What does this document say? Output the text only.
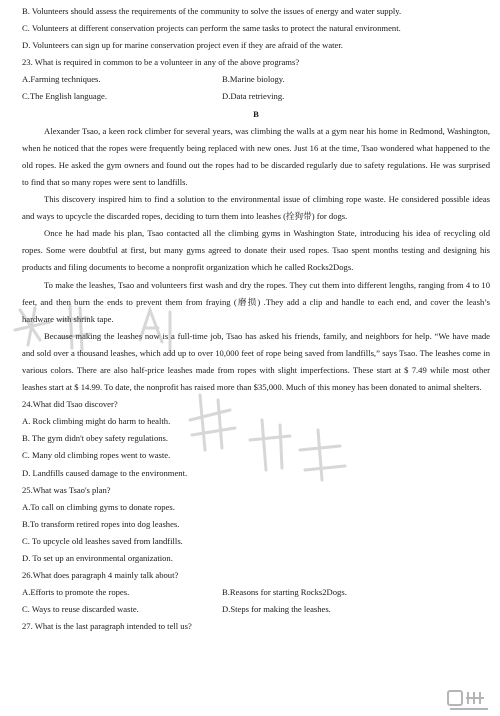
B. Volunteers should assess the requirements of the community to solve the issues of energy and water supply.
C. Volunteers at different conservation projects can perform the same tasks to protect the natural environment.
D. Volunteers can sign up for marine conservation project even if they are afraid of the water.
23. What is required in common to be a volunteer in any of the above programs?
A.Farming techniques.	B.Marine biology.
C.The English language.	D.Data retrieving.
B
Alexander Tsao, a keen rock climber for several years, was climbing the walls at a gym near his home in Redmond, Washington, when he noticed that the ropes were frequently being replaced with new ones. Just 16 at the time, Tsao wondered what happened to the old ropes. He asked the gym owners and found out the ropes had to be discarded regularly due to safety regulations. He was surprised to find that so many ropes were sent to landfills.
This discovery inspired him to find a solution to the environmental issue of climbing rope waste. He considered possible ideas and ways to upcycle the discarded ropes, deciding to turn them into leashes (拴狗带) for dogs.
Once he had made his plan, Tsao contacted all the climbing gyms in Washington State, introducing his idea of recycling old ropes. Some were doubtful at first, but many gyms agreed to donate their used ropes. Tsao spent months testing and designing his products and filing documents to become a nonprofit organization which he called Rocks2Dogs.
To make the leashes, Tsao and volunteers first wash and dry the ropes. They cut them into different lengths, ranging from 4 to 10 feet, and then burn the ends to prevent them from fraying (磨损) .They add a clip and handle to each end, and cover the leash’s hardware with shrink tape.
Because making the leashes now is a full-time job, Tsao has asked his friends, family, and neighbors for help. “We have made and sold over a thousand leashes, which add up to over 10,000 feet of rope being saved from landfills,” says Tsao. The leashes come in various colors. There are also half-price leashes made from ropes with slight imperfections. These start at $ 7.49 while most other leashes start at $ 14.99. To date, the nonprofit has raised more than $35,000. Much of this money has been donated to animal shelters.
24.What did Tsao discover?
A. Rock climbing might do harm to health.
B. The gym didn't obey safety regulations.
C. Many old climbing ropes went to waste.
D. Landfills caused damage to the environment.
25.What was Tsao's plan?
A.To call on climbing gyms to donate ropes.
B.To transform retired ropes into dog leashes.
C. To upcycle old leashes saved from landfills.
D. To set up an environmental organization.
26.What does paragraph 4 mainly talk about?
A.Efforts to promote the ropes.	B.Reasons for starting Rocks2Dogs.
C. Ways to reuse discarded waste.	D.Steps for making the leashes.
27. What is the last paragraph intended to tell us?
